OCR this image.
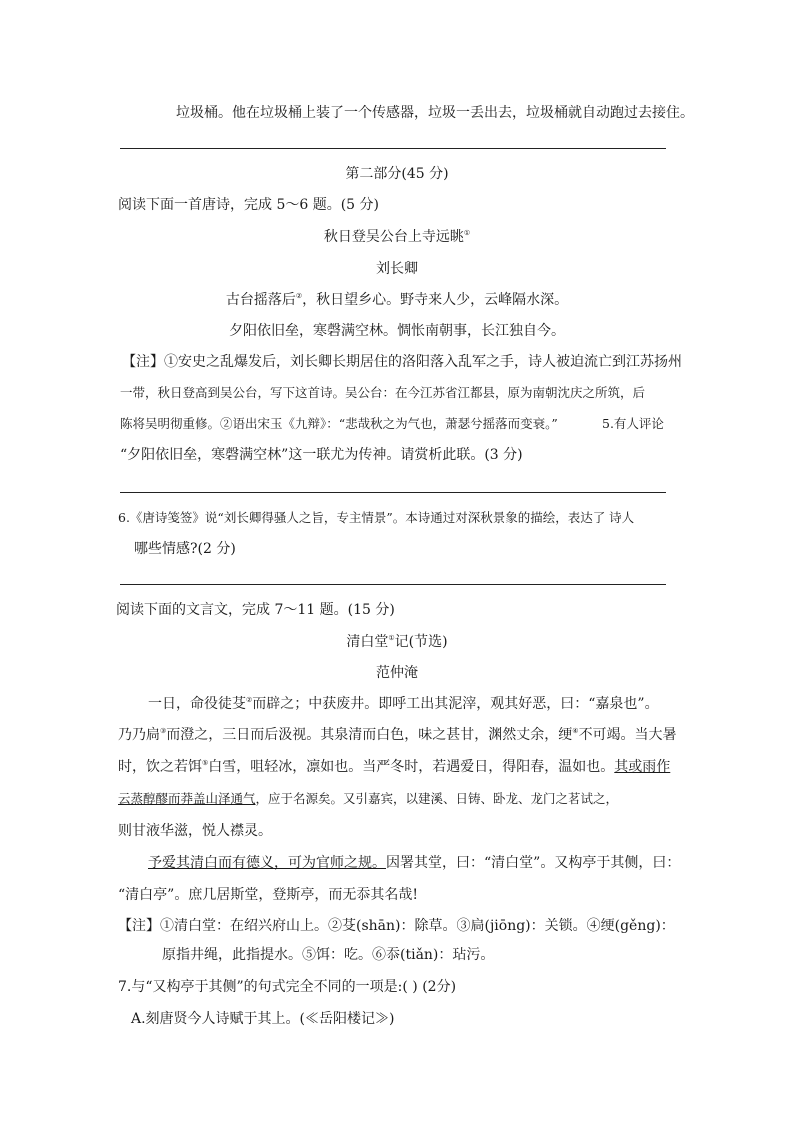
垃圾桶。他在垃圾桶上装了一个传感器，垃圾一丢出去，垃圾桶就自动跑过去接住。
第二部分(45 分)
阅读下面一首唐诗，完成 5～6 题。(5 分)
秋日登吴公台上寺远眺①
刘长卿
古台摇落后②，秋日望乡心。野寺来人少，云峰隔水深。
夕阳依旧垒，寒磬满空林。惆怅南朝事，长江独自今。
【注】①安史之乱爆发后，刘长卿长期居住的洛阳落入乱军之手，诗人被迫流亡到江苏扬州
一带，秋日登高到吴公台，写下这首诗。吴公台：在今江苏省江都县，原为南朝沈庆之所筑，后
陈将吴明彻重修。②语出宋玉《九辩》：“悲哉秋之为气也，萧瑟兮摇落而变衰。”	5.有人评论
“夕阳依旧垒，寒磬满空林”这一联尤为传神。请赏析此联。(3 分)
6.《唐诗笺签》说“刘长卿得骚人之旨，专主情景”。本诗通过对深秋景象的描绘，表达了 诗人
哪些情感?(2 分)
阅读下面的文言文，完成 7～11 题。(15 分)
清白堂①记(节选)
范仲淹
一日，命役徒芟②而辟之；中获废井。即呼工出其泥滓，观其好恶，曰：“嘉泉也”。
乃乃扃③而澄之，三日而后汲视。其泉清而白色，味之甚甘，渊然丈余，绠④不可竭。当大暑
时，饮之若饵⑤白雪，咀轻冰，凛如也。当严冬时，若遇爱日，得阳春，温如也。其或雨作
云蒸醇醪而莽盖山泽通气，应于名源矣。又引嘉宾，以建溪、日铸、卧龙、龙门之茗试之，
则甘液华滋，悦人襟灵。
予爱其清白而有德义，可为官师之规。因署其堂，曰：“清白堂”。又构亭于其侧，曰：
“清白亭”。庶几居斯堂，登斯亭，而无忝其名哉!
【注】①清白堂：在绍兴府山上。②芟(shān)：除草。③扃(jiōng)：关锁。④绠(gěng)：
原指井绳，此指提水。⑤饵：吃。⑥忝(tiǎn)：玷污。
7.与“又构亭于其侧”的句式完全不同的一项是:( ) (2分)
A.刻唐贤今人诗赋于其上。(≪岳阳楼记≫)
